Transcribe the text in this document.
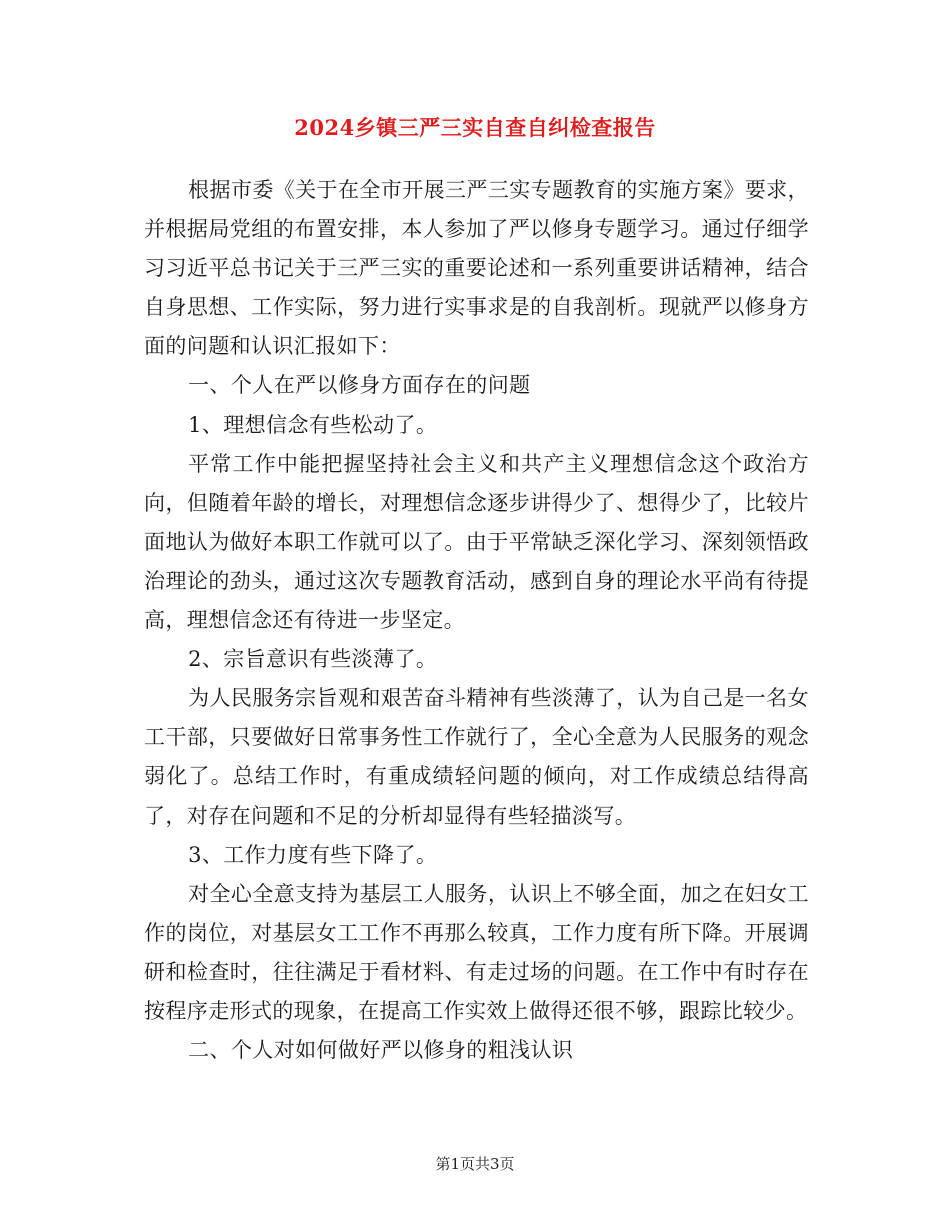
2024乡镇三严三实自查自纠检查报告

根据市委《关于在全市开展三严三实专题教育的实施方案》要求，并根据局党组的布置安排，本人参加了严以修身专题学习。通过仔细学习习近平总书记关于三严三实的重要论述和一系列重要讲话精神，结合自身思想、工作实际，努力进行实事求是的自我剖析。现就严以修身方面的问题和认识汇报如下：

一、个人在严以修身方面存在的问题

1、理想信念有些松动了。

平常工作中能把握坚持社会主义和共产主义理想信念这个政治方向，但随着年龄的增长，对理想信念逐步讲得少了、想得少了，比较片面地认为做好本职工作就可以了。由于平常缺乏深化学习、深刻领悟政治理论的劲头，通过这次专题教育活动，感到自身的理论水平尚有待提高，理想信念还有待进一步坚定。

2、宗旨意识有些淡薄了。

为人民服务宗旨观和艰苦奋斗精神有些淡薄了，认为自己是一名女工干部，只要做好日常事务性工作就行了，全心全意为人民服务的观念弱化了。总结工作时，有重成绩轻问题的倾向，对工作成绩总结得高了，对存在问题和不足的分析却显得有些轻描淡写。

3、工作力度有些下降了。

对全心全意支持为基层工人服务，认识上不够全面，加之在妇女工作的岗位，对基层女工工作不再那么较真，工作力度有所下降。开展调研和检查时，往往满足于看材料、有走过场的问题。在工作中有时存在按程序走形式的现象，在提高工作实效上做得还很不够，跟踪比较少。

二、个人对如何做好严以修身的粗浅认识

第1页共3页
